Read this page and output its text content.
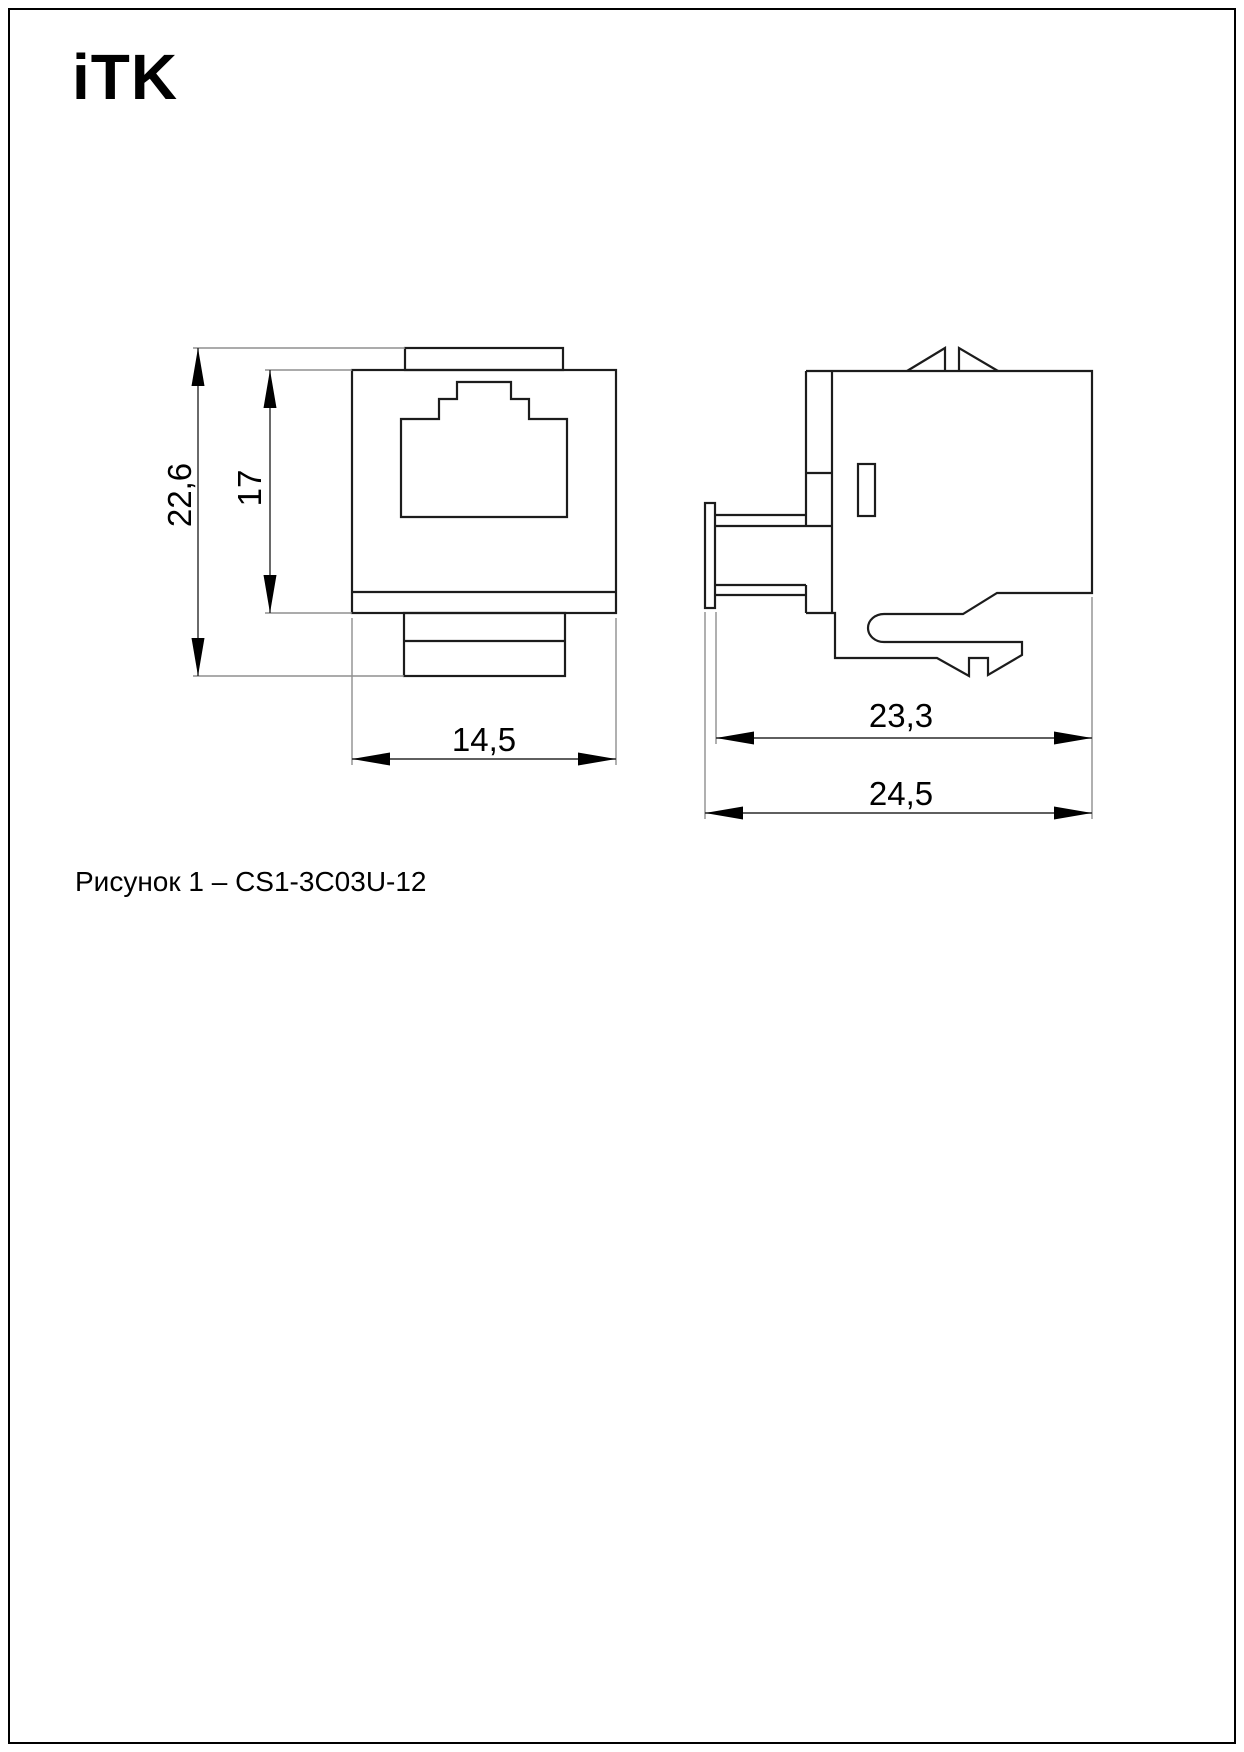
iTK
22,6 17
14,5
23,3
24,5
Рисунок 1 – CS1-3C03U-12
